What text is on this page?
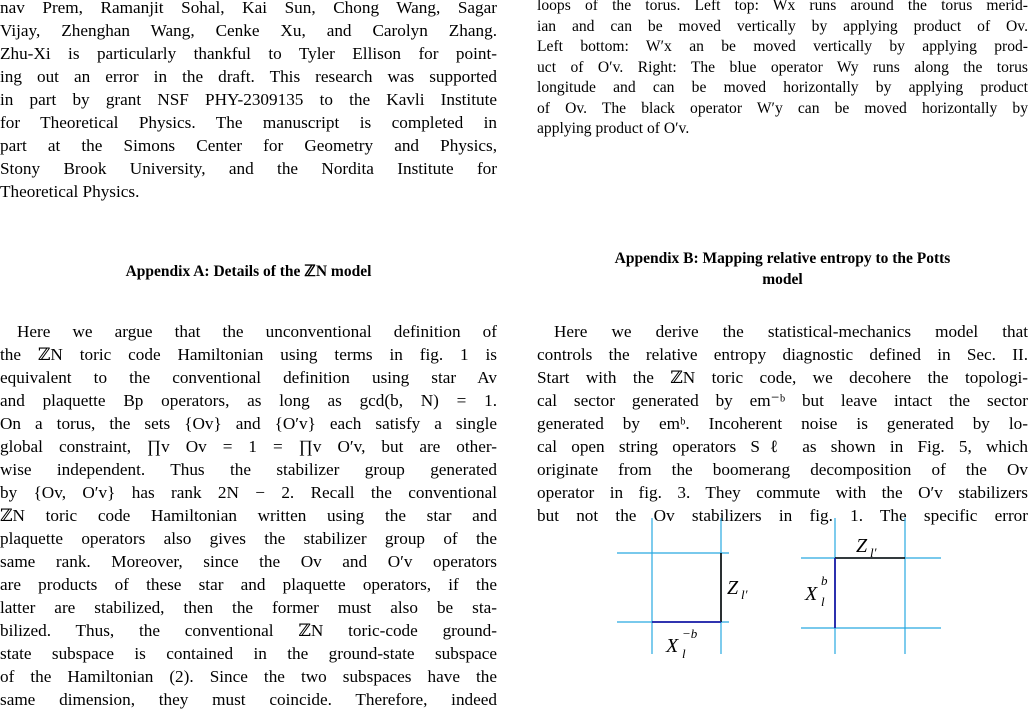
nav Prem, Ramanjit Sohal, Kai Sun, Chong Wang, Sagar
Vijay, Zhenghan Wang, Cenke Xu, and Carolyn Zhang.
Zhu-Xi is particularly thankful to Tyler Ellison for point-
ing out an error in the draft. This research was supported
in part by grant NSF PHY-2309135 to the Kavli Institute
for Theoretical Physics. The manuscript is completed in
part at the Simons Center for Geometry and Physics,
Stony Brook University, and the Nordita Institute for
Theoretical Physics.
Appendix A: Details of the ℤN model
Here we argue that the unconventional definition of
the ℤN toric code Hamiltonian using terms in fig. 1 is
equivalent to the conventional definition using star Av
and plaquette Bp operators, as long as gcd(b, N) = 1.
On a torus, the sets {Ov} and {O′v} each satisfy a single
global constraint, ∏v Ov = 1 = ∏v O′v, but are other-
wise independent. Thus the stabilizer group generated
by {Ov, O′v} has rank 2N − 2. Recall the conventional
ℤN toric code Hamiltonian written using the star and
plaquette operators also gives the stabilizer group of the
same rank. Moreover, since the Ov and O′v operators
are products of these star and plaquette operators, if the
latter are stabilized, then the former must also be sta-
bilized. Thus, the conventional ℤN toric-code ground-
state subspace is contained in the ground-state subspace
of the Hamiltonian (2). Since the two subspaces have the
same dimension, they must coincide. Therefore, indeed
loops of the torus. Left top: Wx runs around the torus merid-
ian and can be moved vertically by applying product of Ov.
Left bottom: W′x an be moved vertically by applying prod-
uct of O′v. Right: The blue operator Wy runs along the torus
longitude and can be moved horizontally by applying product
of Ov. The black operator W′y can be moved horizontally by
applying product of O′v.
Appendix B: Mapping relative entropy to the Potts
model
Here we derive the statistical-mechanics model that
controls the relative entropy diagnostic defined in Sec. II.
Start with the ℤN toric code, we decohere the topologi-
cal sector generated by em⁻ᵇ but leave intact the sector
generated by emᵇ. Incoherent noise is generated by lo-
cal open string operators Sℓ as shown in Fig. 5, which
originate from the boomerang decomposition of the Ov
operator in fig. 3. They commute with the O′v stabilizers
but not the Ov stabilizers in fig. 1. The specific error
Z l′
X l
−b
Z l′
X l
b
